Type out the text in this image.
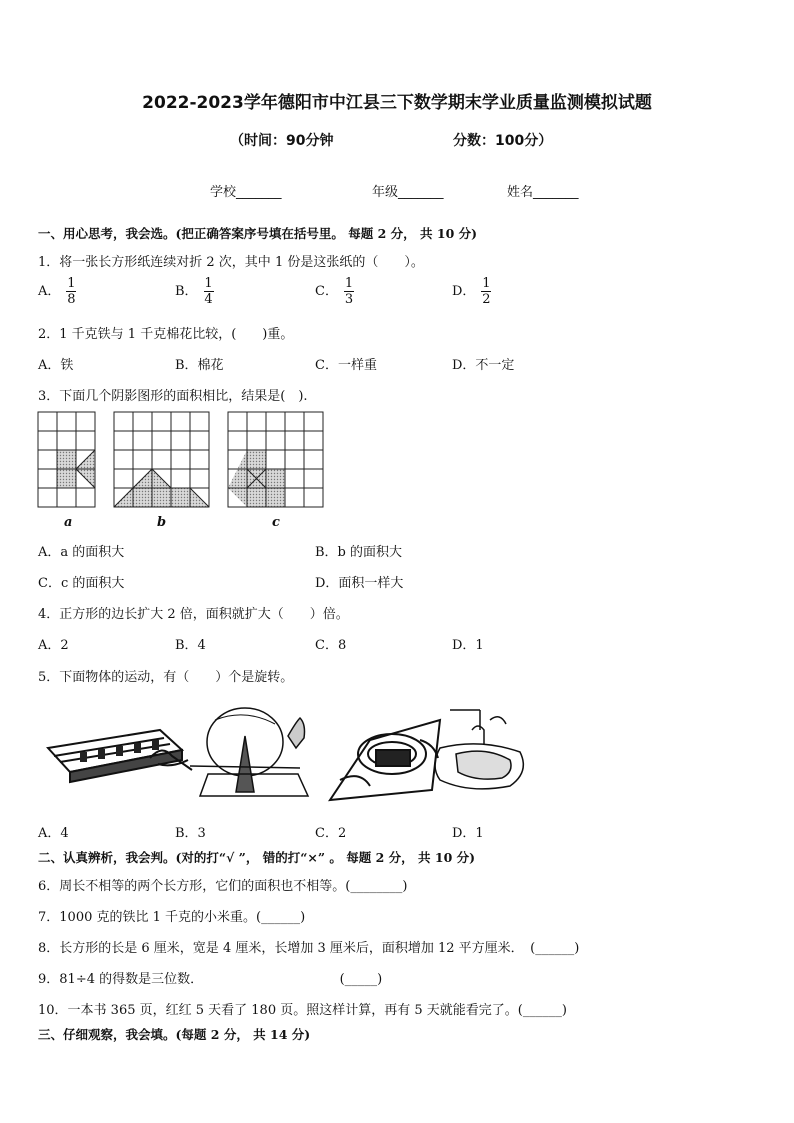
2022-2023学年德阳市中江县三下数学期末学业质量监测模拟试题
（时间：90分钟	分数：100分）
学校_______	年级_______	姓名_______
一、用心思考，我会选。(把正确答案序号填在括号里。 每题 2 分， 共 10 分)
1．将一张长方形纸连续对折 2 次，其中 1 份是这张纸的（　　）。
A． $\frac{1}{8}$	B． $\frac{1}{4}$	C． $\frac{1}{3}$	D． $\frac{1}{2}$
2．1 千克铁与 1 千克棉花比较，(　　)重。
A．铁	B．棉花	C．一样重	D．不一定
3．下面几个阴影图形的面积相比，结果是(　).
a	b	c
A．a 的面积大	B．b 的面积大
C．c 的面积大	D．面积一样大
4．正方形的边长扩大 2 倍，面积就扩大（　　）倍。
A．2	B．4	C．8	D．1
5．下面物体的运动，有（　　）个是旋转。
A．4	B．3	C．2	D．1
二、认真辨析，我会判。(对的打“√ ”， 错的打“×” 。 每题 2 分， 共 10 分)
6．周长不相等的两个长方形，它们的面积也不相等。(________)
7．1000 克的铁比 1 千克的小米重。(______)
8．长方形的长是 6 厘米，宽是 4 厘米，长增加 3 厘米后，面积增加 12 平方厘米．　(______)
9．81÷4 的得数是三位数．　　　　　　　　　　　(_____)
10．一本书 365 页，红红 5 天看了 180 页。照这样计算，再有 5 天就能看完了。(______)
三、仔细观察，我会填。(每题 2 分， 共 14 分)
